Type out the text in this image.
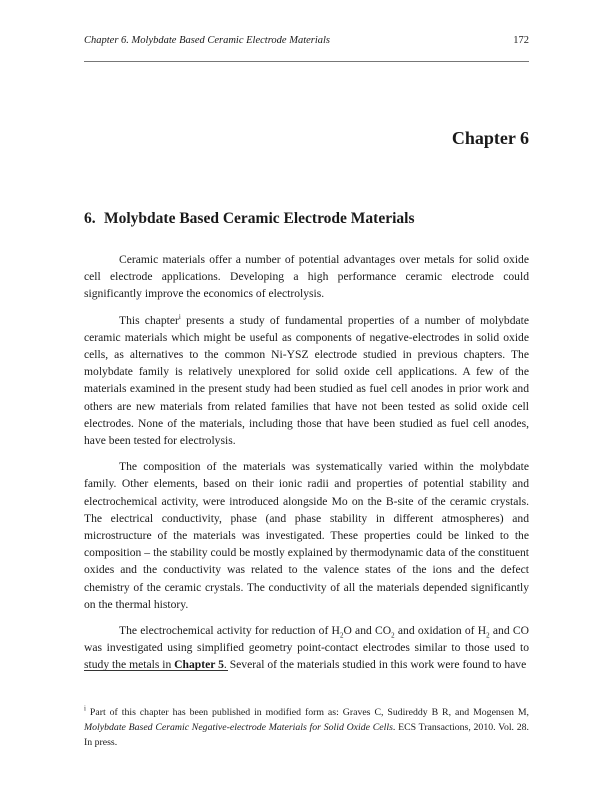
Chapter 6. Molybdate Based Ceramic Electrode Materials	172
Chapter 6
6. Molybdate Based Ceramic Electrode Materials

Ceramic materials offer a number of potential advantages over metals for solid oxide cell electrode applications. Developing a high performance ceramic electrode could significantly improve the economics of electrolysis.

This chapter$^i$ presents a study of fundamental properties of a number of molybdate ceramic materials which might be useful as components of negative-electrodes in solid oxide cells, as alternatives to the common Ni-YSZ electrode studied in previous chapters. The molybdate family is relatively unexplored for solid oxide cell applications. A few of the materials examined in the present study had been studied as fuel cell anodes in prior work and others are new materials from related families that have not been tested as solid oxide cell electrodes. None of the materials, including those that have been studied as fuel cell anodes, have been tested for electrolysis.

The composition of the materials was systematically varied within the molybdate family. Other elements, based on their ionic radii and properties of potential stability and electrochemical activity, were introduced alongside Mo on the B-site of the ceramic crystals. The electrical conductivity, phase (and phase stability in different atmospheres) and microstructure of the materials was investigated. These properties could be linked to the composition – the stability could be mostly explained by thermodynamic data of the constituent oxides and the conductivity was related to the valence states of the ions and the defect chemistry of the ceramic crystals. The conductivity of all the materials depended significantly on the thermal history.

The electrochemical activity for reduction of $H_2O$ and $CO_2$ and oxidation of $H_2$ and CO was investigated using simplified geometry point-contact electrodes similar to those used to study the metals in Chapter 5. Several of the materials studied in this work were found to have

$^i$ Part of this chapter has been published in modified form as: Graves C, Sudireddy B R, and Mogensen M, Molybdate Based Ceramic Negative-electrode Materials for Solid Oxide Cells. ECS Transactions, 2010. Vol. 28. In press.
